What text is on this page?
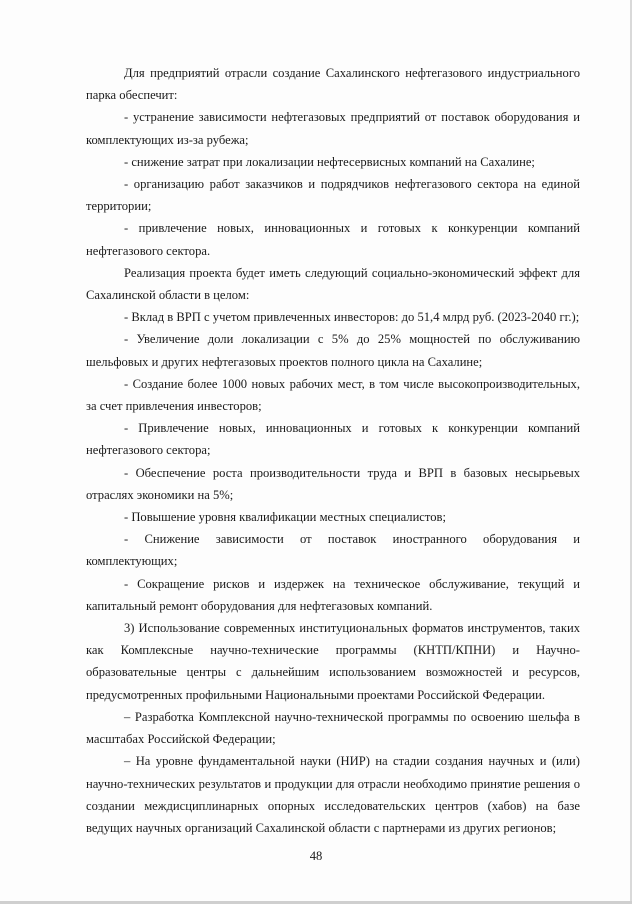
Для предприятий отрасли создание Сахалинского нефтегазового индустриального парка обеспечит:

- устранение зависимости нефтегазовых предприятий от поставок оборудования и комплектующих из-за рубежа;

- снижение затрат при локализации нефтесервисных компаний на Сахалине;

- организацию работ заказчиков и подрядчиков нефтегазового сектора на единой территории;

- привлечение новых, инновационных и готовых к конкуренции компаний нефтегазового сектора.

Реализация проекта будет иметь следующий социально-экономический эффект для Сахалинской области в целом:

- Вклад в ВРП с учетом привлеченных инвесторов: до 51,4 млрд руб. (2023-2040 гг.);

- Увеличение доли локализации с 5% до 25% мощностей по обслуживанию шельфовых и других нефтегазовых проектов полного цикла на Сахалине;

- Создание более 1000 новых рабочих мест, в том числе высокопроизводительных, за счет привлечения инвесторов;

- Привлечение новых, инновационных и готовых к конкуренции компаний нефтегазового сектора;

- Обеспечение роста производительности труда и ВРП в базовых несырьевых отраслях экономики на 5%;

- Повышение уровня квалификации местных специалистов;

- Снижение зависимости от поставок иностранного оборудования и комплектующих;

- Сокращение рисков и издержек на техническое обслуживание, текущий и капитальный ремонт оборудования для нефтегазовых компаний.

3) Использование современных институциональных форматов инструментов, таких как Комплексные научно-технические программы (КНТП/КПНИ) и Научно-образовательные центры с дальнейшим использованием возможностей и ресурсов, предусмотренных профильными Национальными проектами Российской Федерации.

– Разработка Комплексной научно-технической программы по освоению шельфа в масштабах Российской Федерации;

– На уровне фундаментальной науки (НИР) на стадии создания научных и (или) научно-технических результатов и продукции для отрасли необходимо принятие решения о создании междисциплинарных опорных исследовательских центров (хабов) на базе ведущих научных организаций Сахалинской области с партнерами из других регионов;

48
